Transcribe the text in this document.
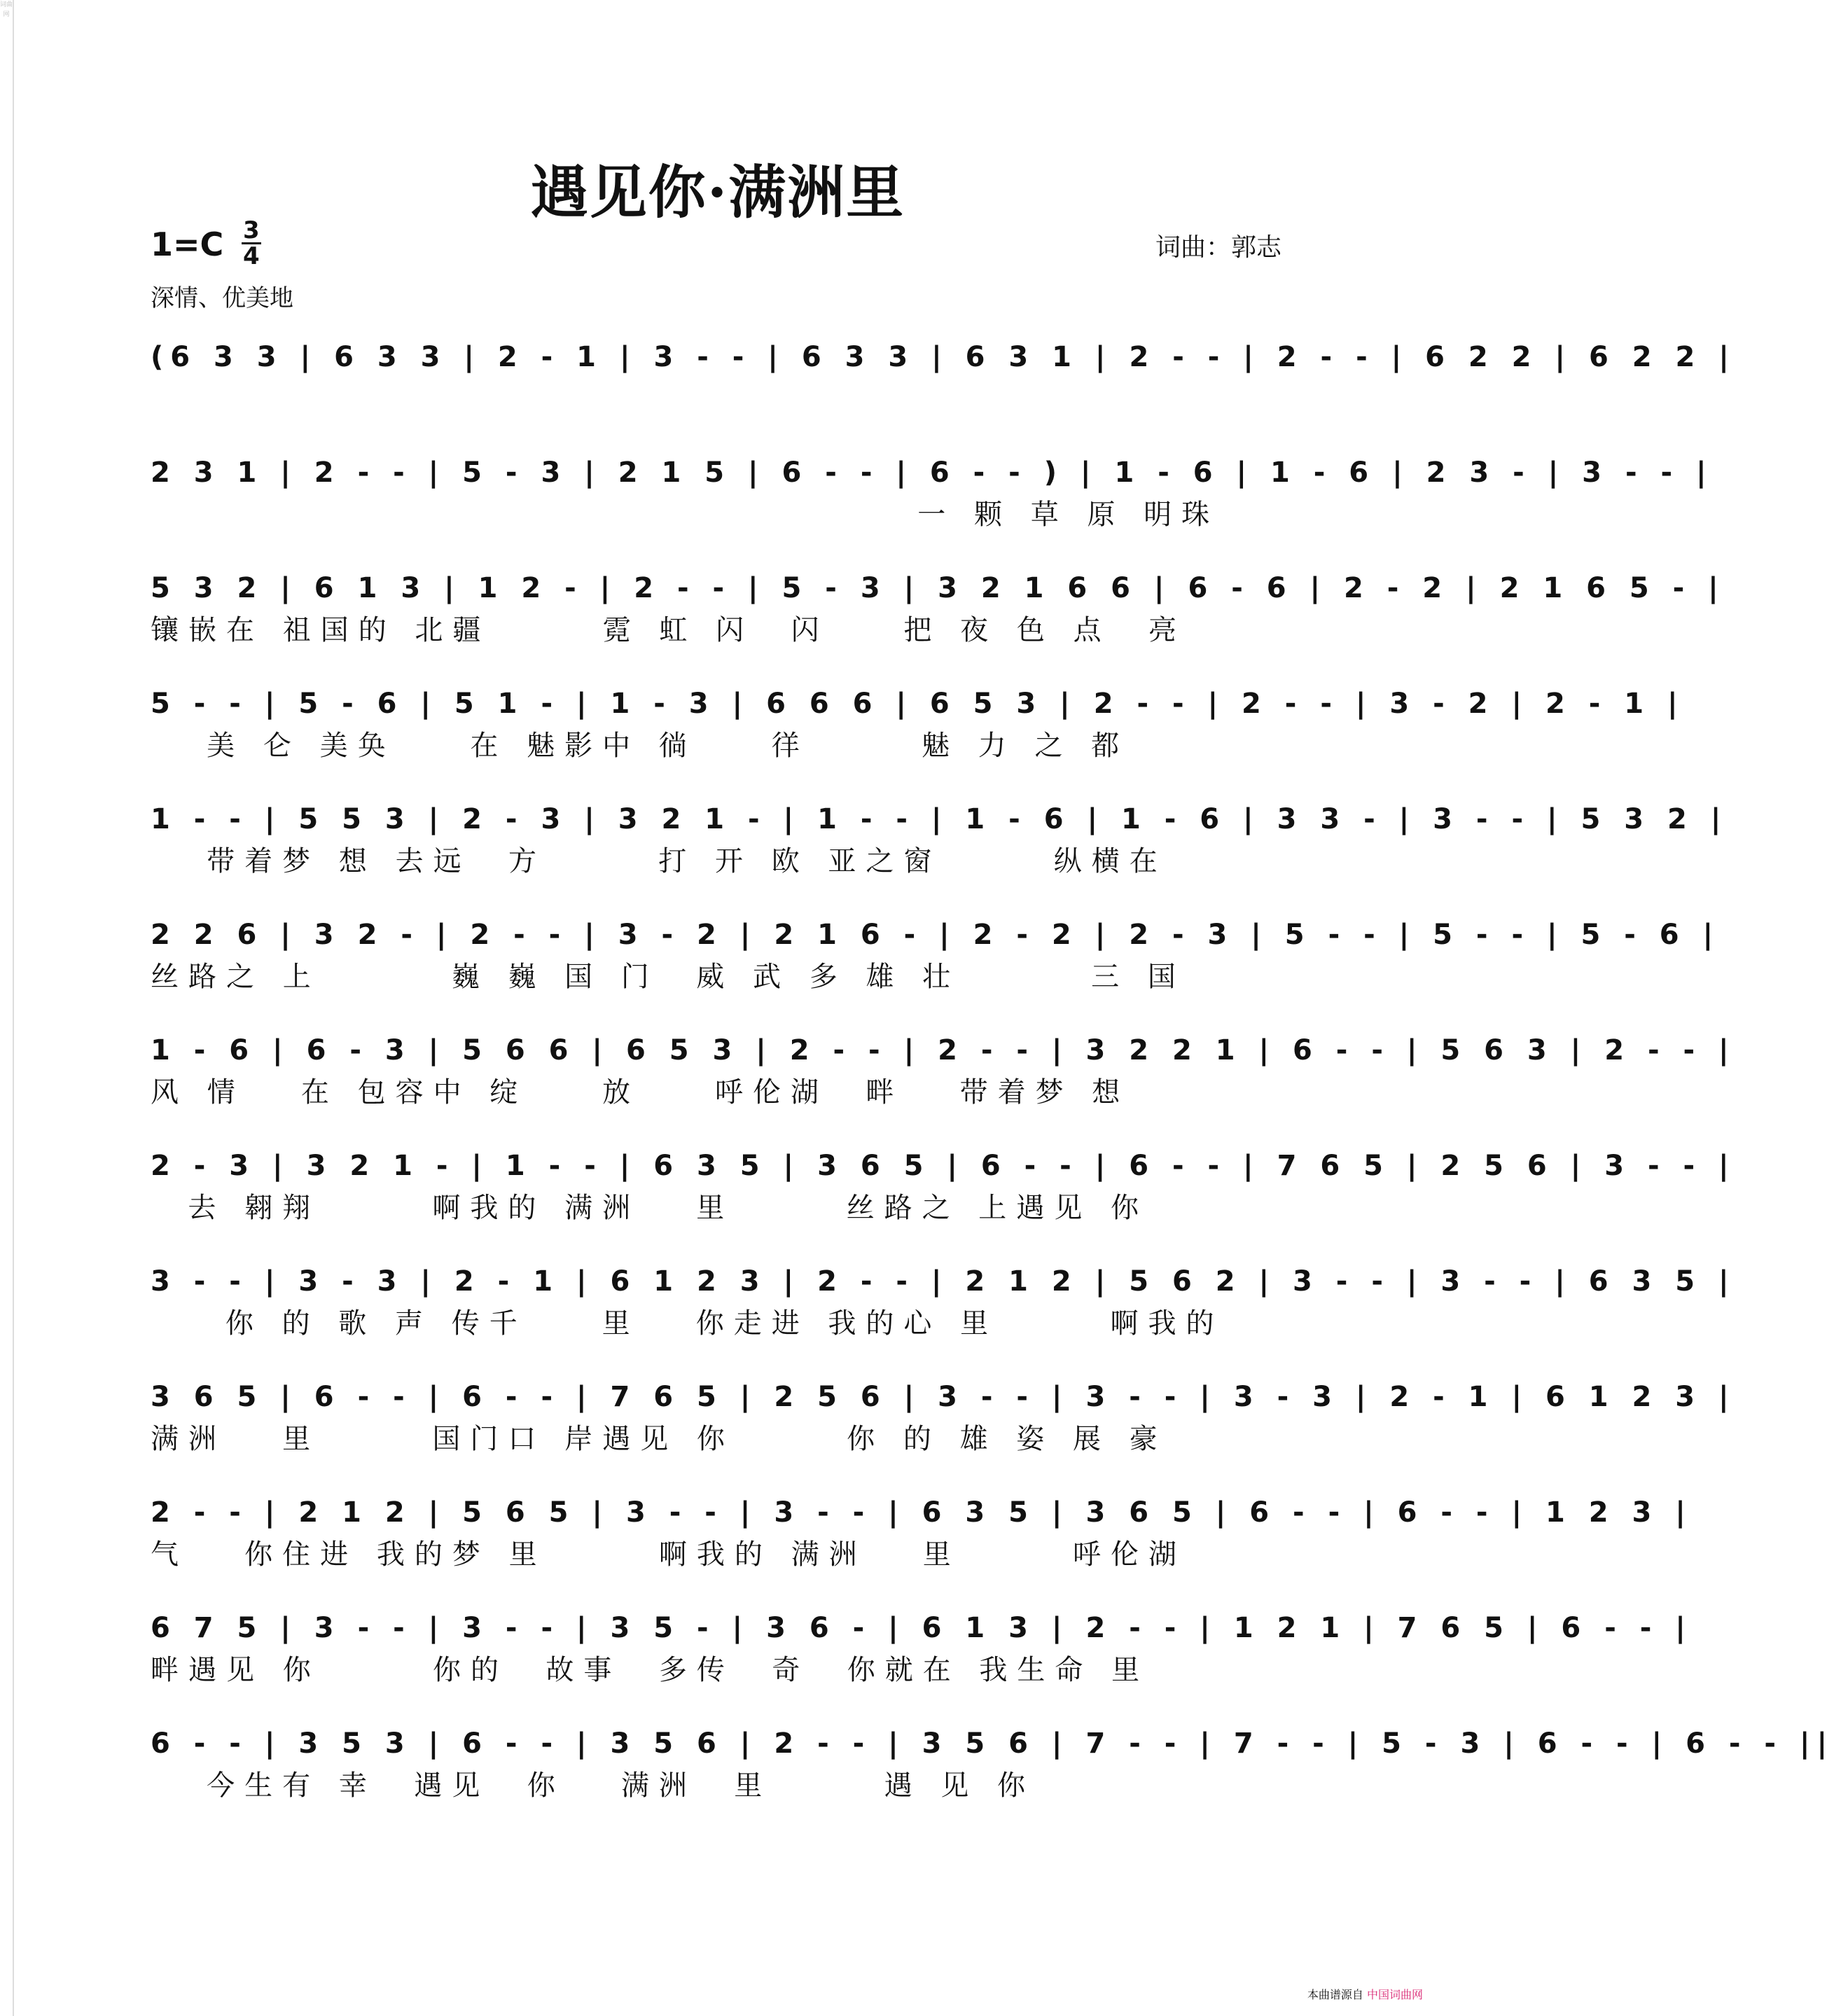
词曲网
遇见你·满洲里
1=C 3
4
深情、优美地
词曲：郭志
(6 3 3 | 6 3 3 | 2 - 1 | 3 - - | 6 3 3 | 6 3 1 | 2 - - | 2 - - | 6 2 2 | 6 2 2 |
2 3 1 | 2 - - | 5 - 3 | 2 1 5 | 6 - - | 6 - - ) | 1 - 6 | 1 - 6 | 2 3 - | 3 - - |
一 颗 草 原 明珠
5 3 2 | 6 1 3 | 1 2 - | 2 - - | 5 - 3 | 3 2 1 6 6 | 6 - 6 | 2 - 2 | 2 1 6 5 - |
镶嵌在 祖国的 北疆      霓 虹 闪  闪    把 夜 色 点  亮
5 - - | 5 - 6 | 5 1 - | 1 - 3 | 6 6 6 | 6 5 3 | 2 - - | 2 - - | 3 - 2 | 2 - 1 |
美 仑 美奂    在 魅影中 徜    徉      魅 力 之 都
1 - - | 5 5 3 | 2 - 3 | 3 2 1 - | 1 - - | 1 - 6 | 1 - 6 | 3 3 - | 3 - - | 5 3 2 |
带着梦 想 去远  方      打 开 欧 亚之窗      纵横在
2 2 6 | 3 2 - | 2 - - | 3 - 2 | 2 1 6 - | 2 - 2 | 2 - 3 | 5 - - | 5 - - | 5 - 6 |
丝路之 上       巍 巍 国 门  威 武 多 雄 壮       三 国
1 - 6 | 6 - 3 | 5 6 6 | 6 5 3 | 2 - - | 2 - - | 3 2 2 1 | 6 - - | 5 6 3 | 2 - - |
风 情   在 包容中 绽    放    呼伦湖  畔   带着梦 想
2 - 3 | 3 2 1 - | 1 - - | 6 3 5 | 3 6 5 | 6 - - | 6 - - | 7 6 5 | 2 5 6 | 3 - - |
去 翱翔      啊我的 满洲   里      丝路之 上遇见 你
3 - - | 3 - 3 | 2 - 1 | 6 1 2 3 | 2 - - | 2 1 2 | 5 6 2 | 3 - - | 3 - - | 6 3 5 |
你 的 歌 声 传千    里   你走进 我的心 里      啊我的
3 6 5 | 6 - - | 6 - - | 7 6 5 | 2 5 6 | 3 - - | 3 - - | 3 - 3 | 2 - 1 | 6 1 2 3 |
满洲   里      国门口 岸遇见 你      你 的 雄 姿 展 豪
2 - - | 2 1 2 | 5 6 5 | 3 - - | 3 - - | 6 3 5 | 3 6 5 | 6 - - | 6 - - | 1 2 3 |
气   你住进 我的梦 里      啊我的 满洲   里      呼伦湖
6 7 5 | 3 - - | 3 - - | 3 5 - | 3 6 - | 6 1 3 | 2 - - | 1 2 1 | 7 6 5 | 6 - - |
畔遇见 你      你的  故事  多传  奇  你就在 我生命 里
6 - - | 3 5 3 | 6 - - | 3 5 6 | 2 - - | 3 5 6 | 7 - - | 7 - - | 5 - 3 | 6 - - | 6 - - ||
今生有 幸  遇见  你   满洲  里      遇 见 你
本曲谱源自 中国词曲网
